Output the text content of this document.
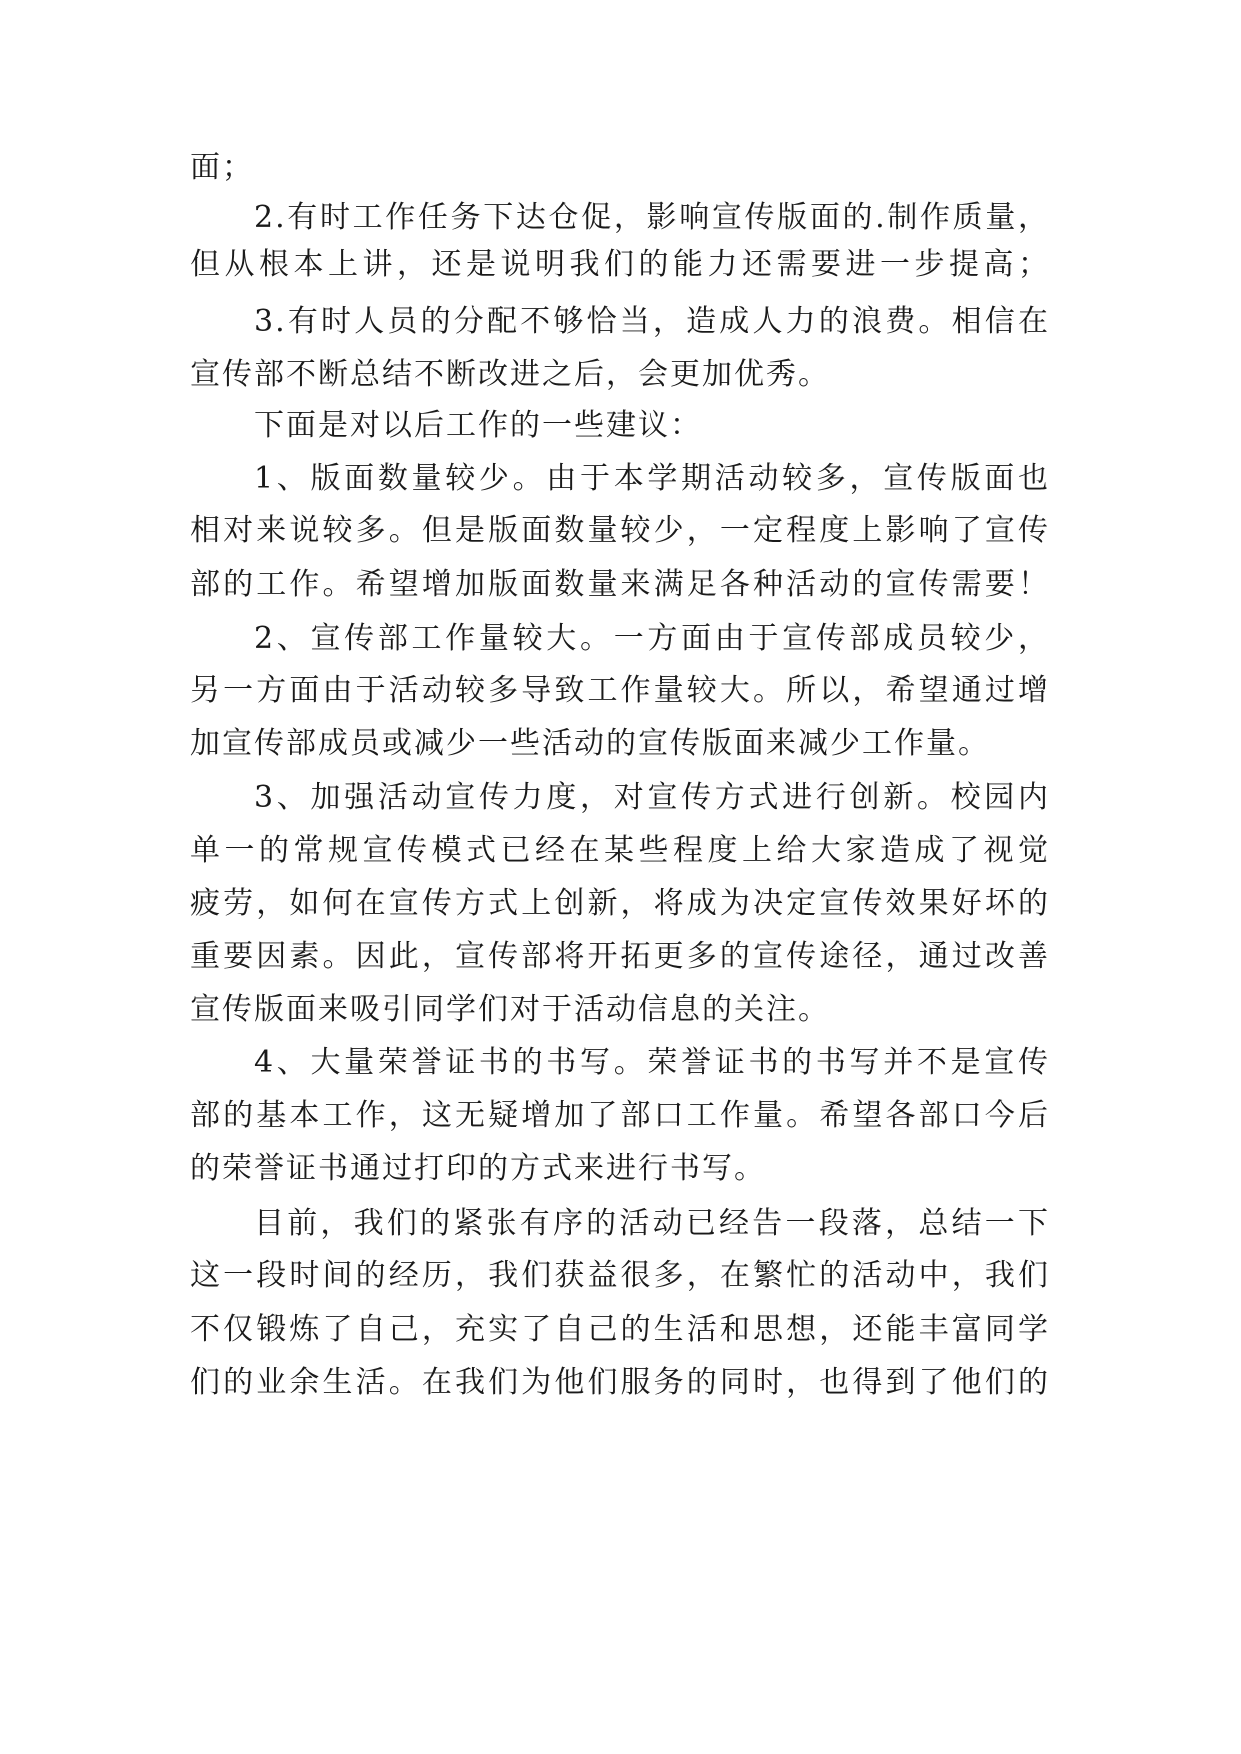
面；
2.有时工作任务下达仓促，影响宣传版面的.制作质量，
但从根本上讲，还是说明我们的能力还需要进一步提高；
3.有时人员的分配不够恰当，造成人力的浪费。相信在
宣传部不断总结不断改进之后，会更加优秀。
下面是对以后工作的一些建议：
1、版面数量较少。由于本学期活动较多，宣传版面也
相对来说较多。但是版面数量较少，一定程度上影响了宣传
部的工作。希望增加版面数量来满足各种活动的宣传需要！
2、宣传部工作量较大。一方面由于宣传部成员较少，
另一方面由于活动较多导致工作量较大。所以，希望通过增
加宣传部成员或减少一些活动的宣传版面来减少工作量。
3、加强活动宣传力度，对宣传方式进行创新。校园内
单一的常规宣传模式已经在某些程度上给大家造成了视觉
疲劳，如何在宣传方式上创新，将成为决定宣传效果好坏的
重要因素。因此，宣传部将开拓更多的宣传途径，通过改善
宣传版面来吸引同学们对于活动信息的关注。
4、大量荣誉证书的书写。荣誉证书的书写并不是宣传
部的基本工作，这无疑增加了部口工作量。希望各部口今后
的荣誉证书通过打印的方式来进行书写。
目前，我们的紧张有序的活动已经告一段落，总结一下
这一段时间的经历，我们获益很多，在繁忙的活动中，我们
不仅锻炼了自己，充实了自己的生活和思想，还能丰富同学
们的业余生活。在我们为他们服务的同时，也得到了他们的
